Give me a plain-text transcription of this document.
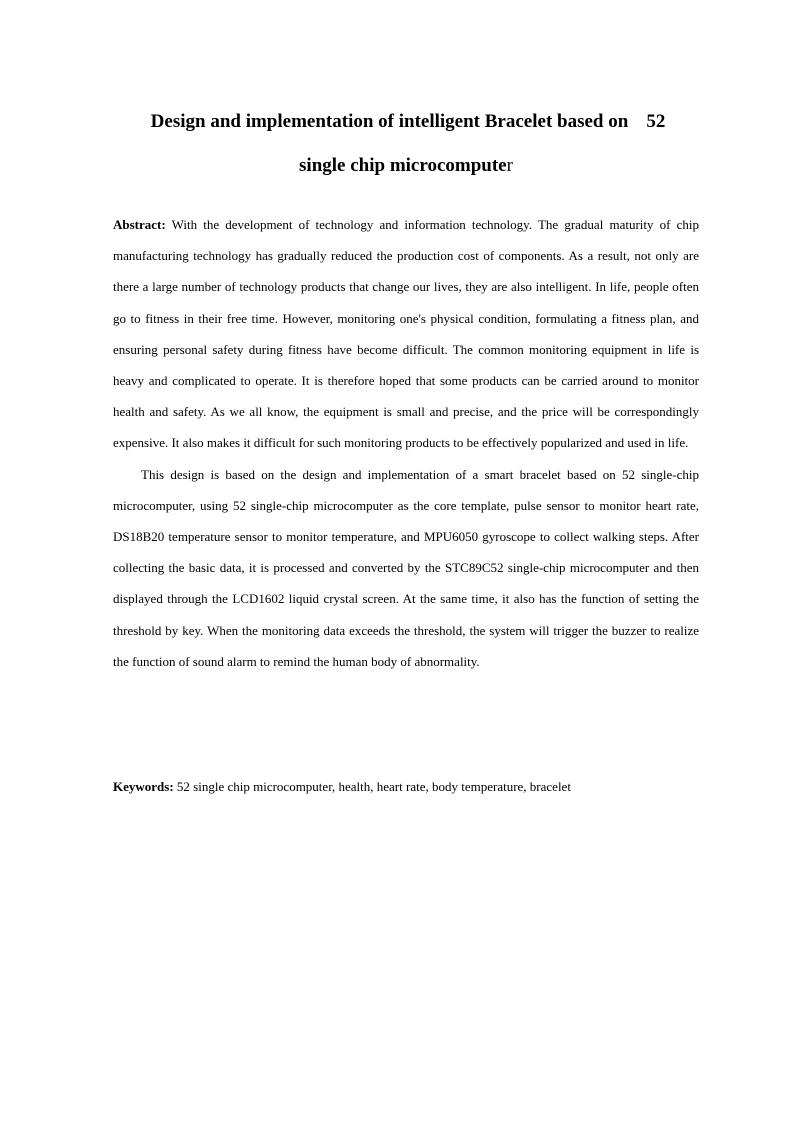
Design and implementation of intelligent Bracelet based on 52
single chip microcomputer

Abstract: With the development of technology and information technology. The gradual maturity of chip manufacturing technology has gradually reduced the production cost of components. As a result, not only are there a large number of technology products that change our lives, they are also intelligent. In life, people often go to fitness in their free time. However, monitoring one's physical condition, formulating a fitness plan, and ensuring personal safety during fitness have become difficult. The common monitoring equipment in life is heavy and complicated to operate. It is therefore hoped that some products can be carried around to monitor health and safety. As we all know, the equipment is small and precise, and the price will be correspondingly expensive. It also makes it difficult for such monitoring products to be effectively popularized and used in life.

This design is based on the design and implementation of a smart bracelet based on 52 single-chip microcomputer, using 52 single-chip microcomputer as the core template, pulse sensor to monitor heart rate, DS18B20 temperature sensor to monitor temperature, and MPU6050 gyroscope to collect walking steps. After collecting the basic data, it is processed and converted by the STC89C52 single-chip microcomputer and then displayed through the LCD1602 liquid crystal screen. At the same time, it also has the function of setting the threshold by key. When the monitoring data exceeds the threshold, the system will trigger the buzzer to realize the function of sound alarm to remind the human body of abnormality.

Keywords: 52 single chip microcomputer, health, heart rate, body temperature, bracelet
